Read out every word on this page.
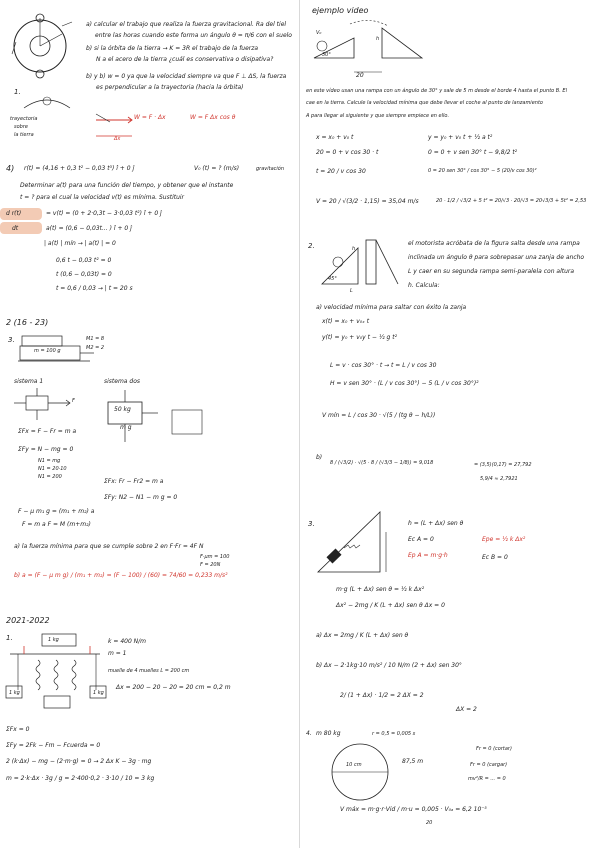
a) calcular el trabajo que realiza la fuerza gravitacional. Ra del tiel
entre las horas cuando este forma un ángulo θ = π/6 con el suelo
b) si la órbita de la tierra → K = 3R el trabajo de la fuerza
N a el acero de la tierra ¿cuál es conservativa o disipativa?
b) y b) w = 0 ya que la velocidad siempre va que F ⊥ ΔS, la fuerza
es perpendicular a la trayectoria (hacia la órbita)
1.
trayectoria
sobre
la tierra
W = F · Δx	W = F Δx cos θ
Δx
4) r(t) = (4,16 + 0,3 t² − 0,03 t³) î + 0 ĵ	V₀ (t) = ? (m/s)	gravitación
Determinar a(t) para una función del tiempo, y obtener que el instante
t = ? para el cual la velocidad v(t) es mínima. Sustituir
d r(t)	= v(t) = (0 + 2·0,3t − 3·0,03 t²) î + 0 ĵ
dt	a(t) = (0,6 − 0,03t... ) î + 0 ĵ
| a(t) | mín → | a(t) | = 0
0,6 t − 0,03 t² = 0
t (0,6 − 0,03t) = 0
t = 0,6 / 0,03 → | t = 20 s
2 (16 - 23)
3.
m = 100 g
M1 = 8
M2 = 2
sistema 1	sistema dos
F
50 kg
m g
ΣFx = F − Fr = m a
ΣFy = N − mg = 0
N1 = mg
N1 = 20·10
N1 = 200
ΣFx: Fr − Fr2 = m a
ΣFy: N2 − N1 − m g = 0
F − μ m₁ g = (m₁ + m₂) a
F = m a F = M (m+m₂)
a) la fuerza mínima para que se cumple sobre 2 en F·Fr = 4F N
F·μm = 100
F = 20N
b) a = (F − μ m g) / (m₁ + m₂) = (F − 100) / (60) = 74/60 = 0,233 m/s²
2021-2022
1.	1 kg
1 kg	1 kg
k = 400 N/m
m = 1
muelle de 4 muelles L = 200 cm
Δx = 200 − 20 − 20 = 20 cm = 0,2 m
ΣFx = 0
ΣFy = 2Fk − Fm − Fcuerda = 0
2 (k·Δx) − mg − (2·m·g) = 0 → 2 Δx K − 3g · mg
m = 2·k·Δx · 3g / g = 2·400·0,2 · 3·10 / 10 = 3 kg
ejemplo video
30°
20
h
V₀
en este vídeo usan una rampa con un ángulo de 30° y sale de 5 m desde el borde 4 hasta el punto B. El
cae en la tierra. Calcule la velocidad mínima que debe llevar el coche al punto de lanzamiento
A para llegar al siguiente y que siempre empiece en ello.
x = x₀ + v₀ t
20 = 0 + v cos 30 · t
t = 20 / v cos 30
y = y₀ + v₀ t + ½ a t²
0 = 0 + v sen 30° t − 9,8/2 t²
0 = 20 sen 30° / cos 30° − 5 (20/v cos 30)²
V = 20 / √(3/2 · 1,15) = 35,04 m/s	20 · 1/2 / √3/2 + 5 t² = 20/√3 · 20/√3 = 20√3/3 + 5t² = 2,53
2.
45°
L
h
el motorista acróbata de la figura salta desde una rampa
inclinada un ángulo θ para sobrepasar una zanja de ancho
L y caer en su segunda rampa semi-paralela con altura
h. Calcula:
a) velocidad mínima para saltar con éxito la zanja
x(t) = x₀ + v₀ₓ t
y(t) = y₀ + v₀y t − ½ g t²
L = v · cos 30° · t → t = L / v cos 30
H = v sen 30° · (L / v cos 30°) − 5 (L / v cos 30°)²
V mín = L / cos 30 · √(5 / (tg θ − h/L))
b)
8 / (√3/2) · √(5 · 8 / (√3/3 − 1/8)) = 9,018	= (3,5)(0,17) = 27,792
5,9/4 ≈ 2,7921
3.	h = (L + Δx) sen θ
Ec A = 0	Epe = ½ k Δx²
Ep A = m·g·h	Ec B = 0
m·g (L + Δx) sen θ = ½ k Δx²
Δx² − 2mg / K (L + Δx) sen θ Δx = 0
a) Δx = 2mg / K (L + Δx) sen θ
b) Δx − 2·1kg·10 m/s² / 10 N/m (2 + Δx) sen 30°
2/ (1 + Δx) · 1/2 = 2 ΔX = 2
ΔX = 2
4. m 80 kg	r = 0,5 = 0,005 s
10 cm	87,5 m
Fr = 0 (cortar)
Fr = 0 (cargar)
mv²/R = ... = 0
V máx = m·g·r·Vid / m·u = 0,005 · V₀ₐ = 6,2 10⁻⁵
20
